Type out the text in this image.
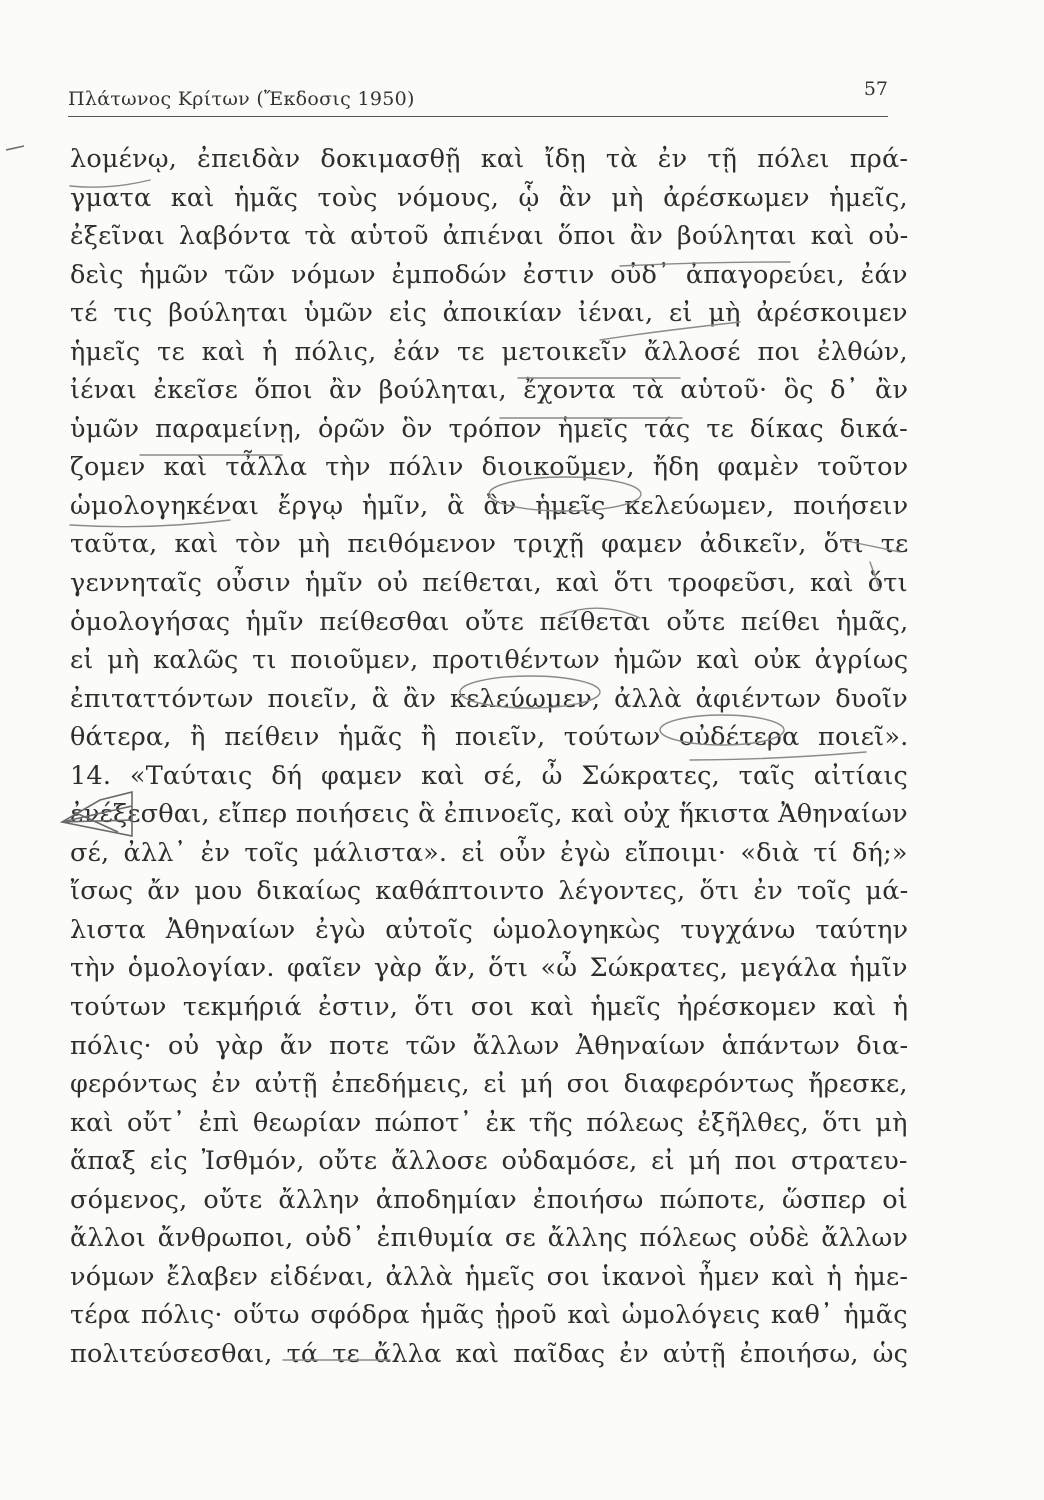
Πλάτωνος Κρίτων (Ἔκδοσις 1950)	57
λομένῳ, ἐπειδὰν δοκιμασθῇ καὶ ἴδῃ τὰ ἐν τῇ πόλει πρά-
γματα καὶ ἡμᾶς τοὺς νόμους, ᾧ ἂν μὴ ἀρέσκωμεν ἡμεῖς,
ἐξεῖναι λαβόντα τὰ αὑτοῦ ἀπιέναι ὅποι ἂν βούληται καὶ οὐ-
δεὶς ἡμῶν τῶν νόμων ἐμποδών ἐστιν οὐδ᾽ ἀπαγορεύει, ἐάν
τέ τις βούληται ὑμῶν εἰς ἀποικίαν ἰέναι, εἰ μὴ ἀρέσκοιμεν
ἡμεῖς τε καὶ ἡ πόλις, ἐάν τε μετοικεῖν ἄλλοσέ ποι ἐλθών,
ἰέναι ἐκεῖσε ὅποι ἂν βούληται, ἔχοντα τὰ αὑτοῦ· ὃς δ᾽ ἂν
ὑμῶν παραμείνῃ, ὁρῶν ὃν τρόπον ἡμεῖς τάς τε δίκας δικά-
ζομεν καὶ τἆλλα τὴν πόλιν διοικοῦμεν, ἤδη φαμὲν τοῦτον
ὡμολογηκέναι ἔργῳ ἡμῖν, ἃ ἂν ἡμεῖς κελεύωμεν, ποιήσειν
ταῦτα, καὶ τὸν μὴ πειθόμενον τριχῇ φαμεν ἀδικεῖν, ὅτι τε
γεννηταῖς οὖσιν ἡμῖν οὐ πείθεται, καὶ ὅτι τροφεῦσι, καὶ ὅτι
ὁμολογήσας ἡμῖν πείθεσθαι οὔτε πείθεται οὔτε πείθει ἡμᾶς,
εἰ μὴ καλῶς τι ποιοῦμεν, προτιθέντων ἡμῶν καὶ οὐκ ἀγρίως
ἐπιταττόντων ποιεῖν, ἃ ἂν κελεύωμεν, ἀλλὰ ἀφιέντων δυοῖν
θάτερα, ἢ πείθειν ἡμᾶς ἢ ποιεῖν, τούτων οὐδέτερα ποιεῖ».
14. «Ταύταις δή φαμεν καὶ σέ, ὦ Σώκρατες, ταῖς αἰτίαις
ἐνέξεσθαι, εἴπερ ποιήσεις ἃ ἐπινοεῖς, καὶ οὐχ ἥκιστα Ἀθηναίων
σέ, ἀλλ᾽ ἐν τοῖς μάλιστα». εἰ οὖν ἐγὼ εἴποιμι· «διὰ τί δή;»
ἴσως ἄν μου δικαίως καθάπτοιντο λέγοντες, ὅτι ἐν τοῖς μά-
λιστα Ἀθηναίων ἐγὼ αὐτοῖς ὡμολογηκὼς τυγχάνω ταύτην
τὴν ὁμολογίαν. φαῖεν γὰρ ἄν, ὅτι «ὦ Σώκρατες, μεγάλα ἡμῖν
τούτων τεκμήριά ἐστιν, ὅτι σοι καὶ ἡμεῖς ἠρέσκομεν καὶ ἡ
πόλις· οὐ γὰρ ἄν ποτε τῶν ἄλλων Ἀθηναίων ἁπάντων δια-
φερόντως ἐν αὐτῇ ἐπεδήμεις, εἰ μή σοι διαφερόντως ἤρεσκε,
καὶ οὔτ᾽ ἐπὶ θεωρίαν πώποτ᾽ ἐκ τῆς πόλεως ἐξῆλθες, ὅτι μὴ
ἅπαξ εἰς Ἰσθμόν, οὔτε ἄλλοσε οὐδαμόσε, εἰ μή ποι στρατευ-
σόμενος, οὔτε ἄλλην ἀποδημίαν ἐποιήσω πώποτε, ὥσπερ οἱ
ἄλλοι ἄνθρωποι, οὐδ᾽ ἐπιθυμία σε ἄλλης πόλεως οὐδὲ ἄλλων
νόμων ἔλαβεν εἰδέναι, ἀλλὰ ἡμεῖς σοι ἱκανοὶ ἦμεν καὶ ἡ ἡμε-
τέρα πόλις· οὕτω σφόδρα ἡμᾶς ᾑροῦ καὶ ὡμολόγεις καθ᾽ ἡμᾶς
πολιτεύσεσθαι, τά τε ἄλλα καὶ παῖδας ἐν αὐτῇ ἐποιήσω, ὡς
